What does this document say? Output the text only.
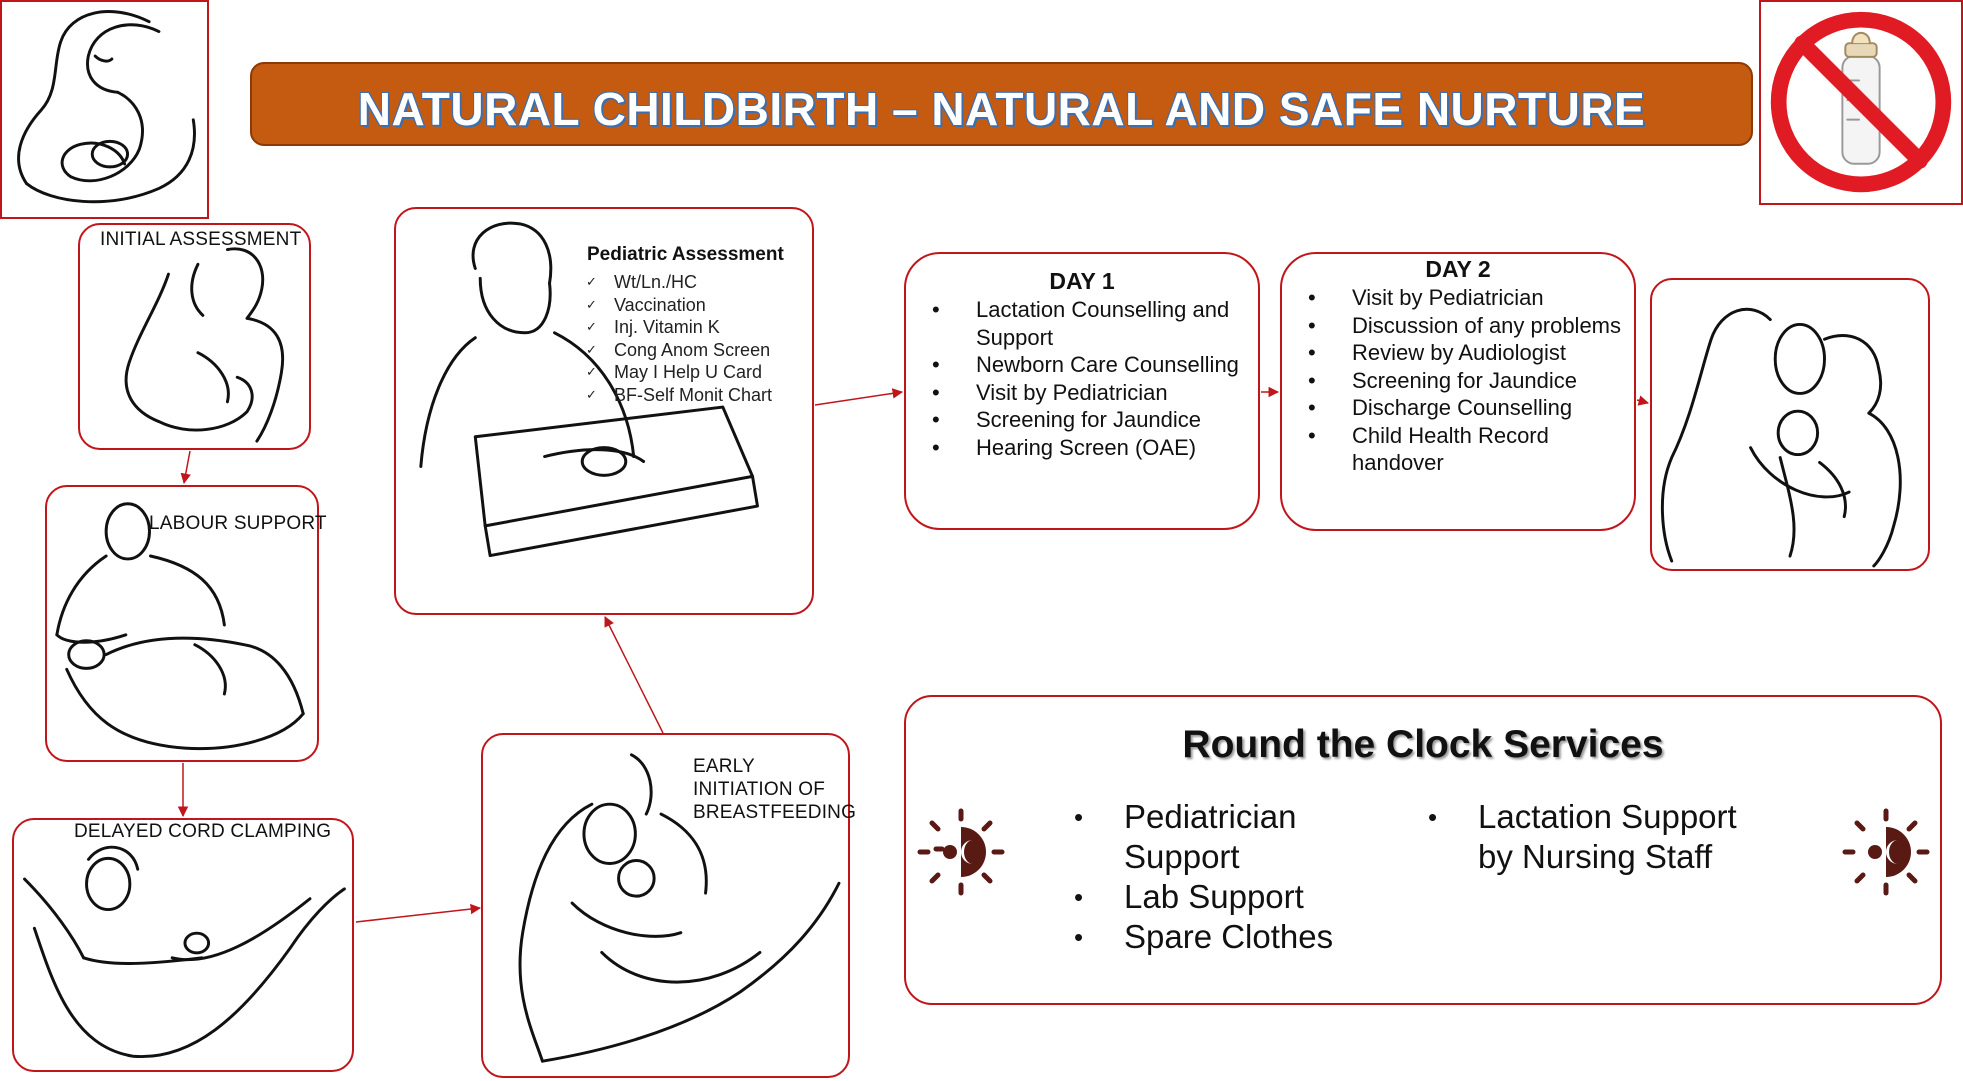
NATURAL CHILDBIRTH – NATURAL AND SAFE NURTURE
INITIAL ASSESSMENT
LABOUR SUPPORT
DELAYED CORD CLAMPING
EARLY
INITIATION OF
BREASTFEEDING
Pediatric Assessment
✓ Wt/Ln./HC
✓ Vaccination
✓ Inj. Vitamin K
✓ Cong Anom Screen
✓ May I Help U Card
✓ BF-Self Monit Chart
DAY 1
• Lactation Counselling and Support
• Newborn Care Counselling
• Visit by Pediatrician
• Screening for Jaundice
• Hearing Screen (OAE)
DAY 2
• Visit by Pediatrician
• Discussion of any problems
• Review by Audiologist
• Screening for Jaundice
• Discharge Counselling
• Child Health Record handover
Round the Clock Services
• Pediatrician Support
• Lab Support
• Spare Clothes
• Lactation Support by Nursing Staff
